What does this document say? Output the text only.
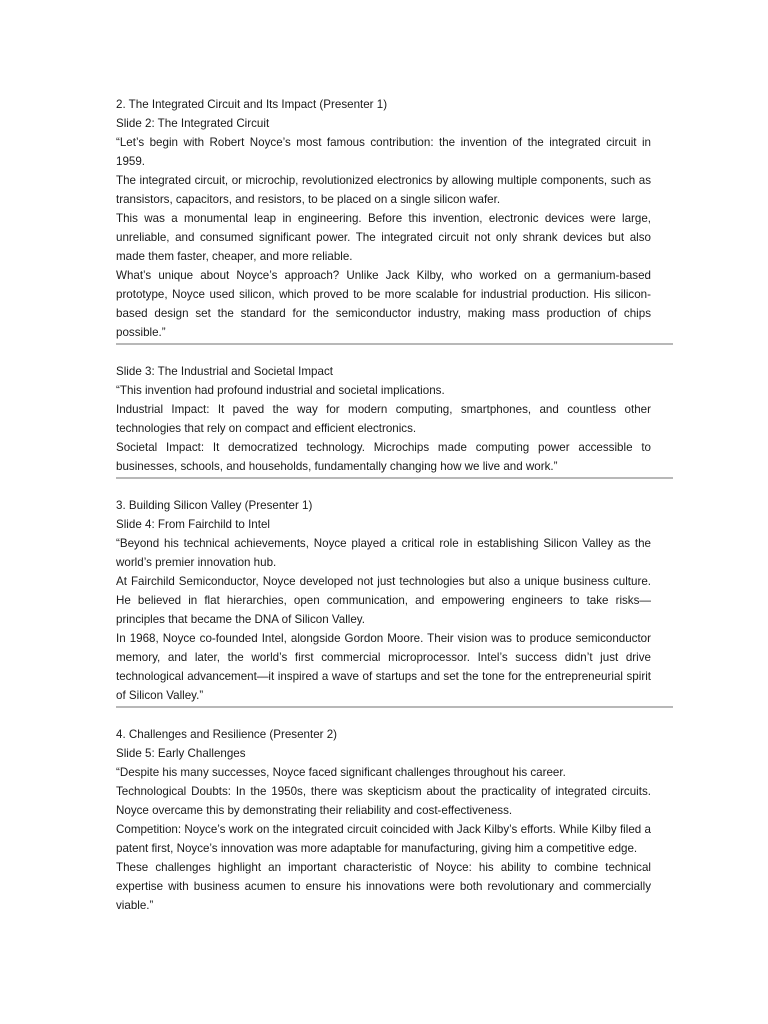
2. The Integrated Circuit and Its Impact (Presenter 1)

Slide 2: The Integrated Circuit

“Let’s begin with Robert Noyce’s most famous contribution: the invention of the integrated circuit in 1959.

The integrated circuit, or microchip, revolutionized electronics by allowing multiple components, such as transistors, capacitors, and resistors, to be placed on a single silicon wafer.

This was a monumental leap in engineering. Before this invention, electronic devices were large, unreliable, and consumed significant power. The integrated circuit not only shrank devices but also made them faster, cheaper, and more reliable.

What’s unique about Noyce’s approach? Unlike Jack Kilby, who worked on a germanium-based prototype, Noyce used silicon, which proved to be more scalable for industrial production. His silicon-based design set the standard for the semiconductor industry, making mass production of chips possible.”

Slide 3: The Industrial and Societal Impact

“This invention had profound industrial and societal implications.

Industrial Impact: It paved the way for modern computing, smartphones, and countless other technologies that rely on compact and efficient electronics.

Societal Impact: It democratized technology. Microchips made computing power accessible to businesses, schools, and households, fundamentally changing how we live and work.”

3. Building Silicon Valley (Presenter 1)

Slide 4: From Fairchild to Intel

“Beyond his technical achievements, Noyce played a critical role in establishing Silicon Valley as the world’s premier innovation hub.

At Fairchild Semiconductor, Noyce developed not just technologies but also a unique business culture. He believed in flat hierarchies, open communication, and empowering engineers to take risks—principles that became the DNA of Silicon Valley.

In 1968, Noyce co-founded Intel, alongside Gordon Moore. Their vision was to produce semiconductor memory, and later, the world’s first commercial microprocessor. Intel’s success didn’t just drive technological advancement—it inspired a wave of startups and set the tone for the entrepreneurial spirit of Silicon Valley.”

4. Challenges and Resilience (Presenter 2)

Slide 5: Early Challenges

“Despite his many successes, Noyce faced significant challenges throughout his career.

Technological Doubts: In the 1950s, there was skepticism about the practicality of integrated circuits. Noyce overcame this by demonstrating their reliability and cost-effectiveness.

Competition: Noyce’s work on the integrated circuit coincided with Jack Kilby’s efforts. While Kilby filed a patent first, Noyce’s innovation was more adaptable for manufacturing, giving him a competitive edge.

These challenges highlight an important characteristic of Noyce: his ability to combine technical expertise with business acumen to ensure his innovations were both revolutionary and commercially viable.”
